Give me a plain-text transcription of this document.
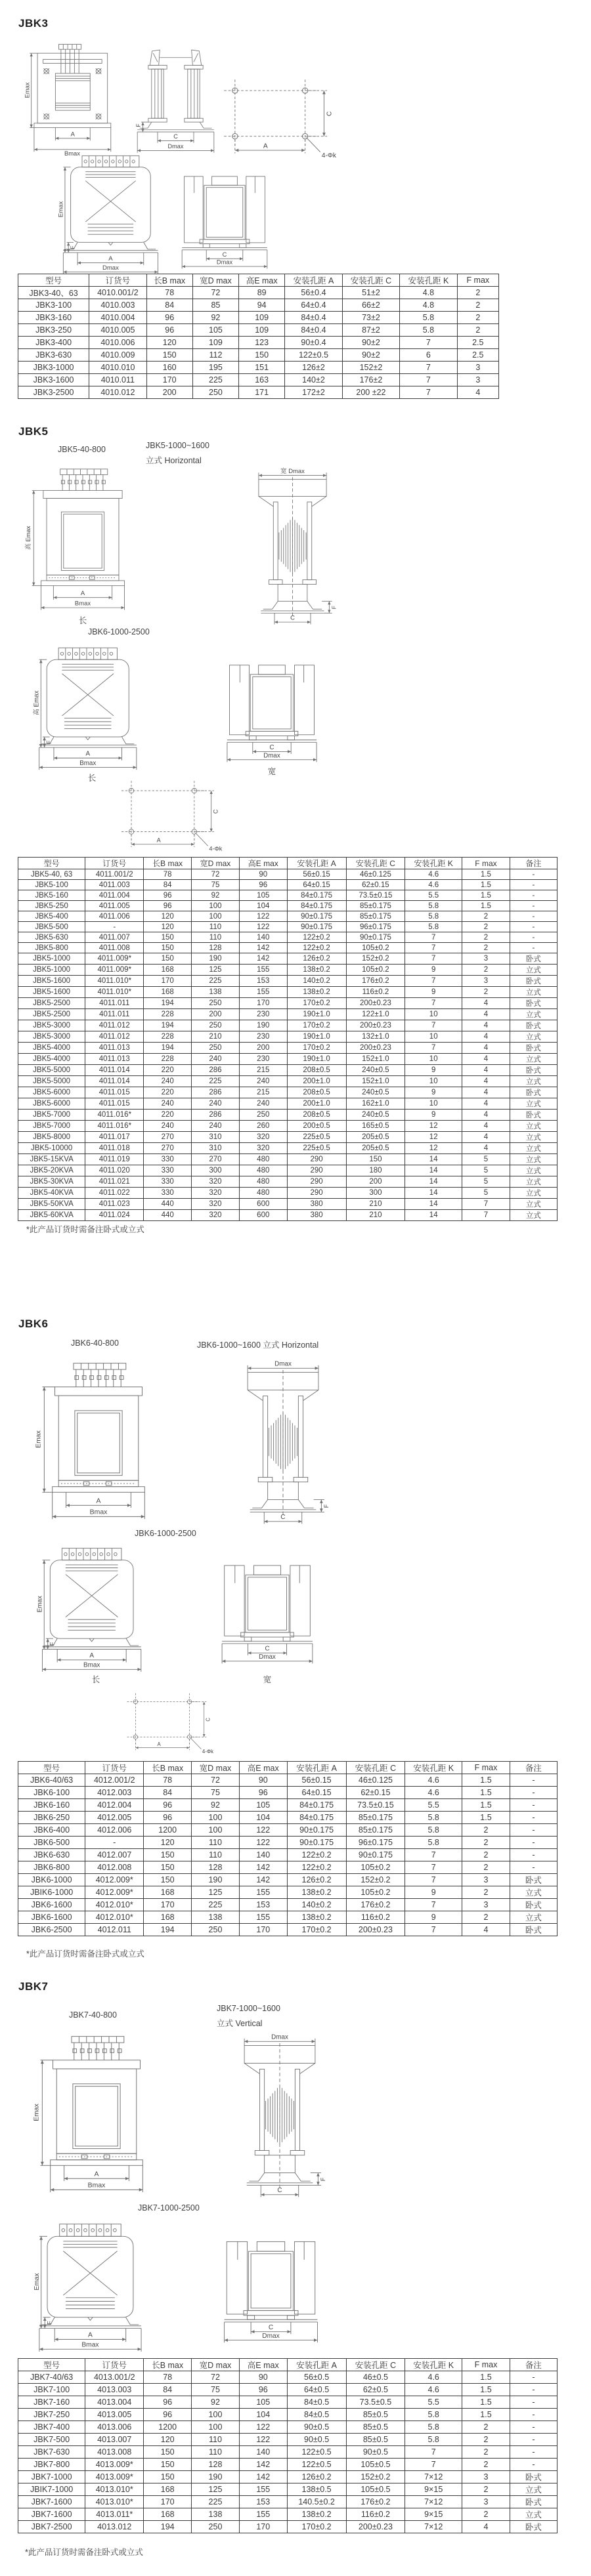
JBK3
Emax
A
Bmax
F
C
Dmax
C
A
4-Φk
Emax
F
A
Dmax
C
Dmax
型号	订货号	长B max	宽D max	高E max	安装孔距 A	安装孔距 C	安装孔距 K	F max
JBK3-40、63	4010.001/2	78	72	89	56±0.4	51±2	4.8	2
JBK3-100	4010.003	84	85	94	64±0.4	66±2	4.8	2
JBK3-160	4010.004	96	92	109	84±0.4	73±2	5.8	2
JBK3-250	4010.005	96	105	109	84±0.4	87±2	5.8	2
JBK3-400	4010.006	120	109	123	90±0.4	90±2	7	2.5
JBK3-630	4010.009	150	112	150	122±0.5	90±2	6	2.5
JBK3-1000	4010.010	160	195	151	126±2	152±2	7	3
JBK3-1600	4010.011	170	225	163	140±2	176±2	7	3
JBK3-2500	4010.012	200	250	171	172±2	200 ±22	7	4
JBK5
JBK5-40-800	JBK5-1000~1600
立式 Horizontal
高 Emax
A
Bmax
长
宽 Dmax
F
C
JBK6-1000-2500
高 Emax
F
A
Bmax
长
C
Dmax
宽
C
A
4-Φk
型号	订货号	长B max	宽D max	高E max	安装孔距 A	安装孔距 C	安装孔距 K	F max	备注
JBK5-40, 63	4011.001/2	78	72	90	56±0.15	46±0.125	4.6	1.5	-
JBK5-100	4011.003	84	75	96	64±0.15	62±0.15	4.6	1.5	-
JBK5-160	4011.004	96	92	105	84±0.175	73.5±0.15	5.5	1.5	-
JBK5-250	4011.005	96	100	104	84±0.175	85±0.175	5.8	1.5	-
JBK5-400	4011.006	120	100	122	90±0.175	85±0.175	5.8	2	-
JBK5-500	-	120	110	122	90±0.175	96±0.175	5.8	2	-
JBK5-630	4011.007	150	110	140	122±0.2	90±0.175	7	2	-
JBK5-800	4011.008	150	128	142	122±0.2	105±0.2	7	2	-
JBK5-1000	4011.009*	150	190	142	126±0.2	152±0.2	7	3	卧式
JBK5-1000	4011.009*	168	125	155	138±0.2	105±0.2	9	2	立式
JBK5-1600	4011.010*	170	225	153	140±0.2	176±0.2	7	3	卧式
JBK5-1600	4011.010*	168	138	155	138±0.2	116±0.2	9	2	立式
JBK5-2500	4011.011	194	250	170	170±0.2	200±0.23	7	4	卧式
JBK5-2500	4011.011	228	200	230	190±1.0	122±1.0	10	4	立式
JBK5-3000	4011.012	194	250	190	170±0.2	200±0.23	7	4	卧式
JBK5-3000	4011.012	228	210	230	190±1.0	132±1.0	10	4	立式
JBK5-4000	4011.013	194	250	200	170±0.2	200±0.23	7	4	卧式
JBK5-4000	4011.013	228	240	230	190±1.0	152±1.0	10	4	立式
JBK5-5000	4011.014	220	286	215	208±0.5	240±0.5	9	4	卧式
JBK5-5000	4011.014	240	225	240	200±1.0	152±1.0	10	4	立式
JBK5-6000	4011.015	220	286	215	208±0.5	240±0.5	9	4	卧式
JBK5-6000	4011.015	240	240	240	200±1.0	162±1.0	10	4	立式
JBK5-7000	4011.016*	220	286	250	208±0.5	240±0.5	9	4	卧式
JBK5-7000	4011.016*	240	240	260	200±0.5	165±0.5	12	4	立式
JBK5-8000	4011.017	270	310	320	225±0.5	205±0.5	12	4	立式
JBK5-10000	4011.018	270	310	320	225±0.5	205±0.5	12	4	立式
JBK5-15KVA	4011.019	330	270	480	290	150	14	5	立式
JBK5-20KVA	4011.020	330	300	480	290	180	14	5	立式
JBK5-30KVA	4011.021	330	320	480	290	200	14	5	立式
JBK5-40KVA	4011.022	330	320	480	290	300	14	5	立式
JBK5-50KVA	4011.023	440	320	600	380	210	14	7	立式
JBK5-60KVA	4011.024	440	320	600	380	210	14	7	立式
*此产品订货时需备注卧式或立式
JBK6
JBK6-40-800	JBK6-1000~1600 立式 Horizontal
Emax
A
Bmax
Dmax
F
C
JBK6-1000-2500
Emax
F
A
Bmax
长
C
Dmax
宽
C
A
4-Φk
型号	订货号	长B max	宽D max	高E max	安装孔距 A	安装孔距 C	安装孔距 K	F max	备注
JBK6-40/63	4012.001/2	78	72	90	56±0.15	46±0.125	4.6	1.5	-
JBK6-100	4012.003	84	75	96	64±0.15	62±0.15	4.6	1.5	-
JBK6-160	4012.004	96	92	105	84±0.175	73.5±0.15	5.5	1.5	-
JBK6-250	4012.005	96	100	104	84±0.175	85±0.175	5.8	1.5	-
JBK6-400	4012.006	1200	100	122	90±0.175	85±0.175	5.8	2	-
JBK6-500	-	120	110	122	90±0.175	96±0.175	5.8	2	-
JBK6-630	4012.007	150	110	140	122±0.2	90±0.175	7	2	-
JBK6-800	4012.008	150	128	142	122±0.2	105±0.2	7	2	-
JBK6-1000	4012.009*	150	190	142	126±0.2	152±0.2	7	3	卧式
JBIK6-1000	4012.009*	168	125	155	138±0.2	105±0.2	9	2	立式
JBK6-1600	4012.010*	170	225	153	140±0.2	176±0.2	7	3	卧式
JBK6-1600	4012.010*	168	138	155	138±0.2	116±0.2	9	2	立式
JBK6-2500	4012.011	194	250	170	170±0.2	200±0.23	7	4	卧式
*此产品订货时需备注卧式或立式
JBK7
JBK7-40-800
JBK7-1000~1600
立式 Vertical
Emax
A
Bmax
Dmax
F
C
JBK7-1000-2500
Emax
F
A
Bmax
C
Dmax
型号	订货号	长B max	宽D max	高E max	安装孔距 A	安装孔距 C	安装孔距 K	F max	备注
JBK7-40/63	4013.001/2	78	72	90	56±0.5	46±0.5	4.6	1.5	-
JBK7-100	4013.003	84	75	96	64±0.5	62±0.5	4.6	1.5	-
JBK7-160	4013.004	96	92	105	84±0.5	73.5±0.5	5.5	1.5	-
JBK7-250	4013.005	96	100	104	84±0.5	85±0.5	5.8	1.5	-
JBK7-400	4013.006	1200	100	122	90±0.5	85±0.5	5.8	2	-
JBK7-500	4013.007	120	110	122	90±0.5	85±0.5	5.8	2	-
JBK7-630	4013.008	150	110	140	122±0.5	90±0.5	7	2	-
JBK7-800	4013.009*	150	128	142	122±0.5	105±0.5	7	2	-
JBK7-1000	4013.009*	150	190	142	126±0.2	152±0.2	7×12	3	卧式
JBIK7-1000	4013.010*	168	125	155	138±0.5	105±0.5	9×15	2	立式
JBK7-1600	4013.010*	170	225	153	140.5±0.2	176±0.2	7×12	3	卧式
JBK7-1600	4013.011*	168	138	155	138±0.2	116±0.2	9×15	2	立式
JBK7-2500	4013.012	194	250	170	170±0.2	200±0.23	7×12	4	卧式
*此产品订货时需备注卧式或立式
